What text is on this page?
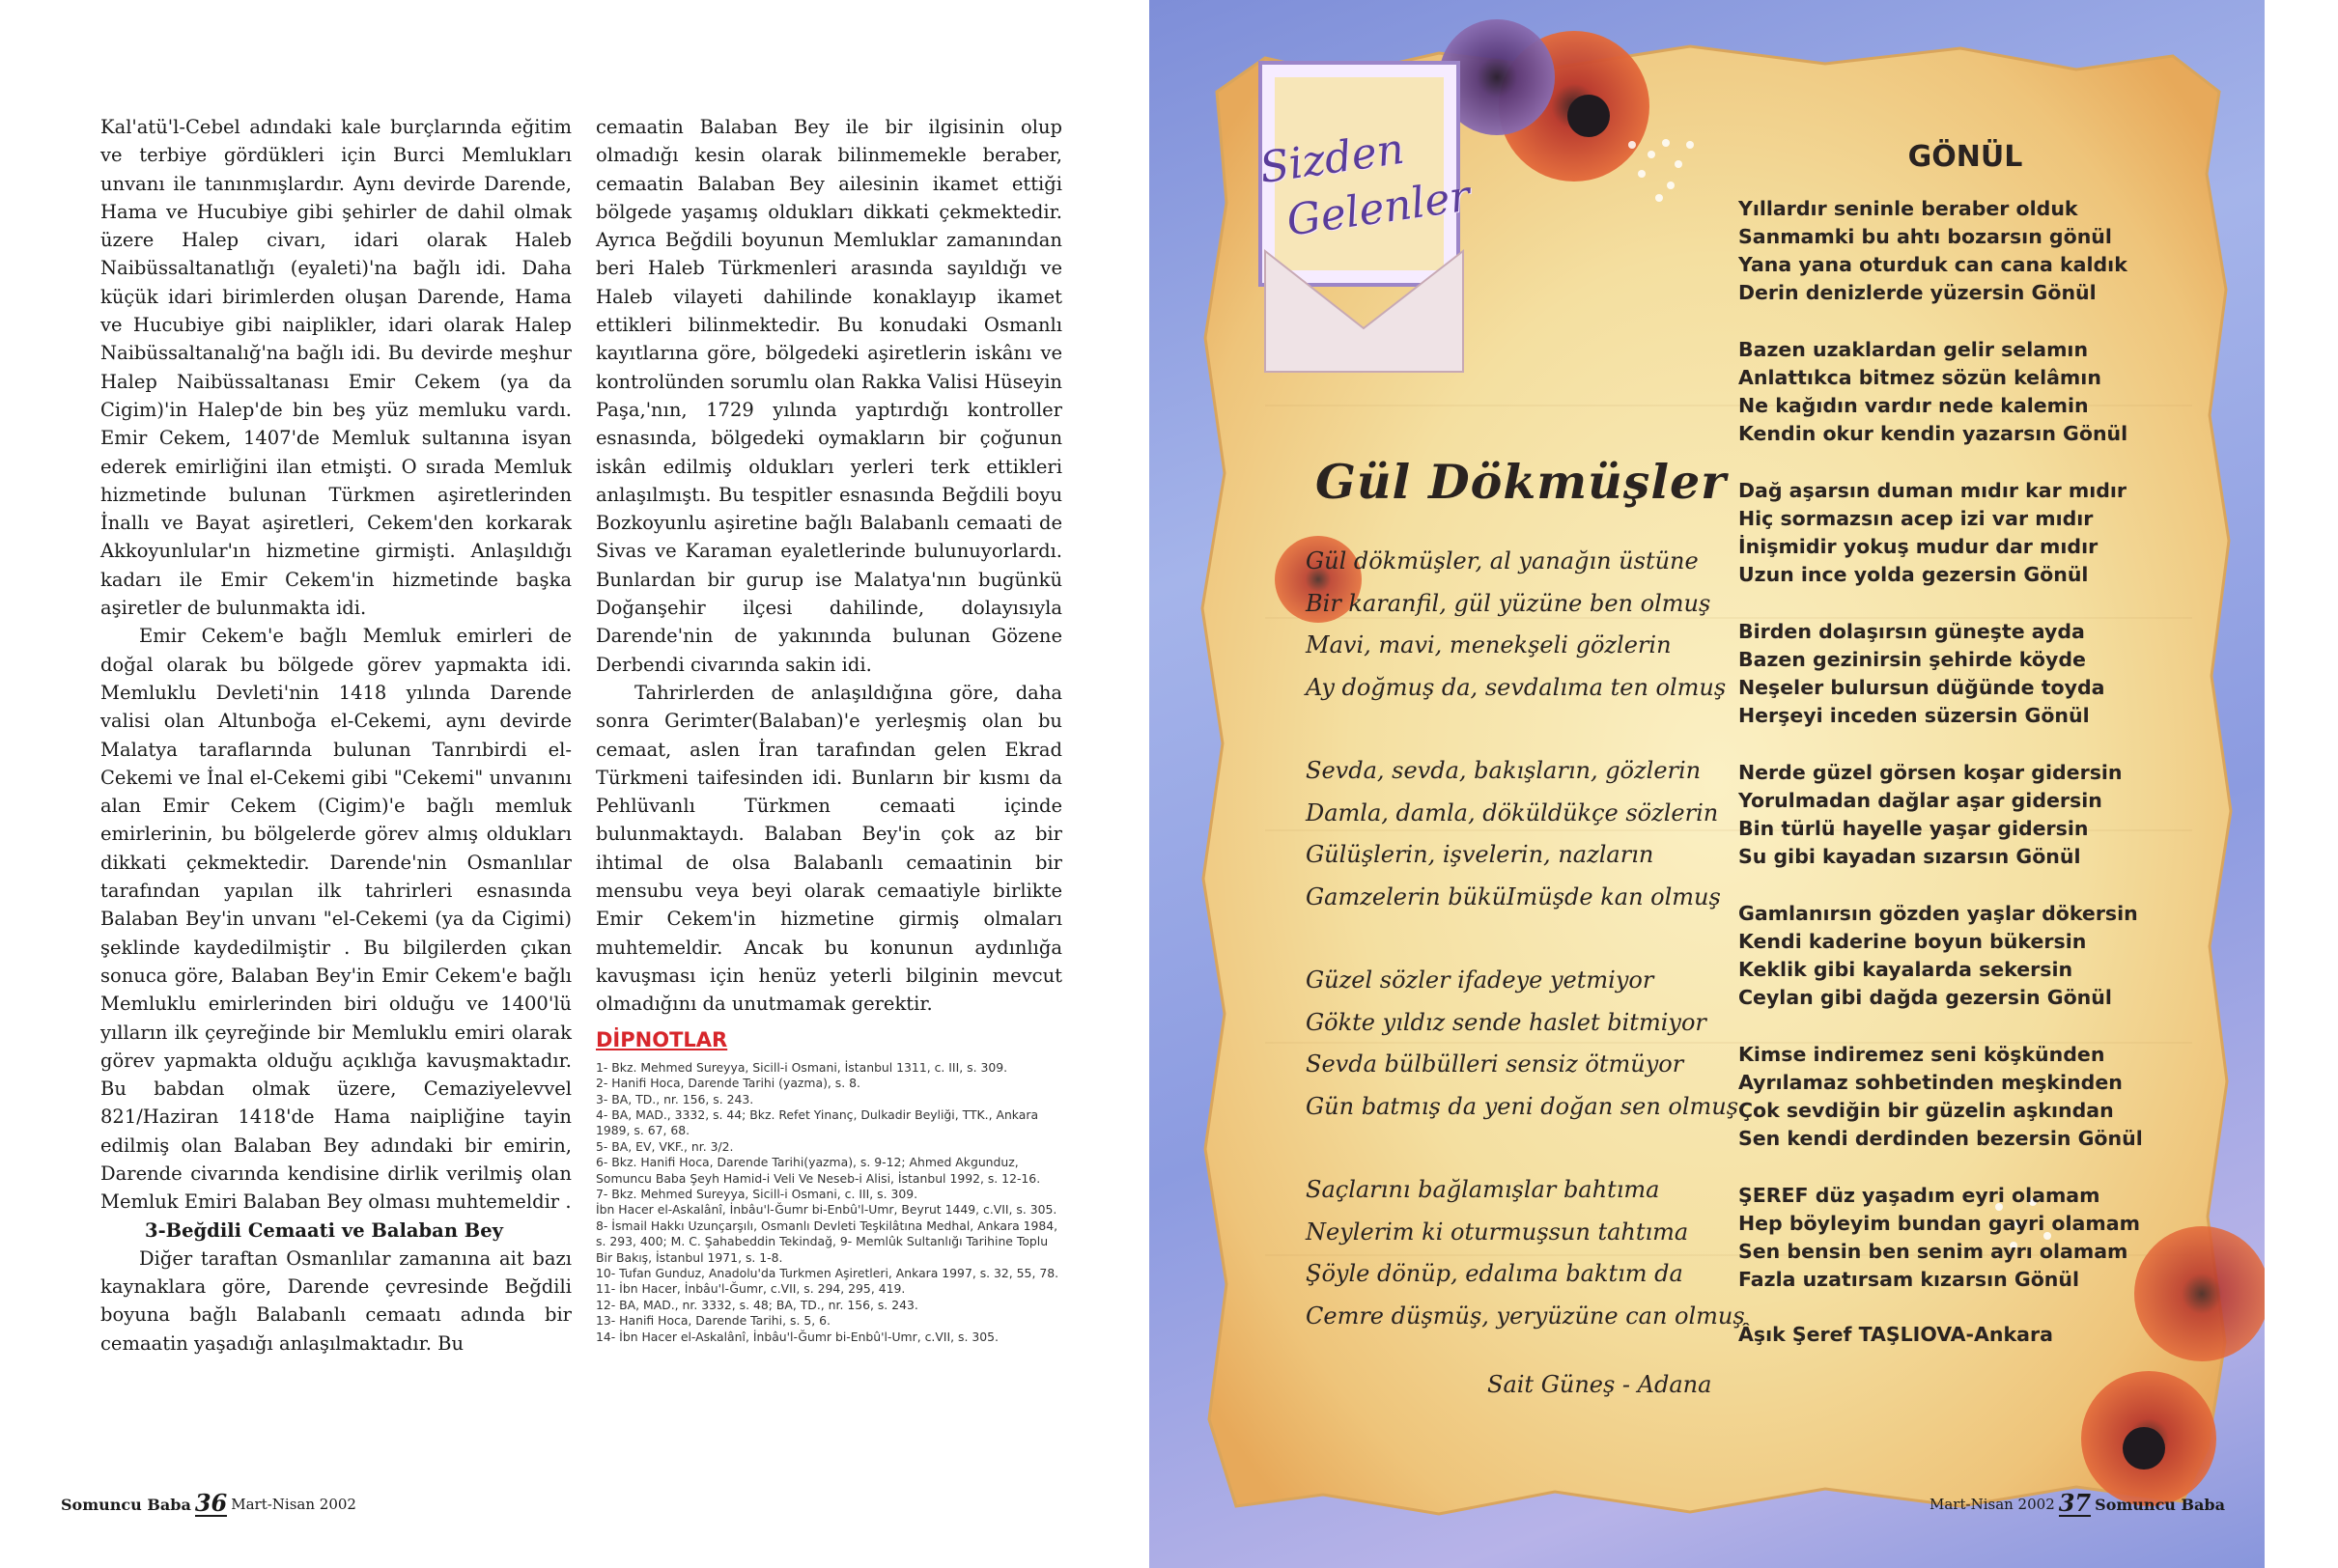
Kal'atü'l-Cebel adındaki kale burçlarında eğitim ve terbiye gördükleri için Burci Memlukları unvanı ile tanınmışlardır. Aynı devirde Darende, Hama ve Hucubiye gibi şehirler de dahil olmak üzere Halep civarı, idari olarak Haleb Naibüssaltanatlığı (eyaleti)'na bağlı idi. Daha küçük idari birimlerden oluşan Darende, Hama ve Hucubiye gibi naiplikler, idari olarak Halep Naibüssaltanalığ'na bağlı idi. Bu devirde meşhur Halep Naibüssaltanası Emir Cekem (ya da Cigim)'in Halep'de bin beş yüz memluku vardı. Emir Cekem, 1407'de Memluk sultanına isyan ederek emirliğini ilan etmişti. O sırada Memluk hizmetinde bulunan Türkmen aşiretlerinden İnallı ve Bayat aşiretleri, Cekem'den korkarak Akkoyunlular'ın hizmetine girmişti. Anlaşıldığı kadarı ile Emir Cekem'in hizmetinde başka aşiretler de bulunmakta idi.

Emir Cekem'e bağlı Memluk emirleri de doğal olarak bu bölgede görev yapmakta idi. Memluklu Devleti'nin 1418 yılında Darende valisi olan Altunboğa el-Cekemi, aynı devirde Malatya taraflarında bulunan Tanrıbirdi el-Cekemi ve İnal el-Cekemi gibi "Cekemi" unvanını alan Emir Cekem (Cigim)'e bağlı memluk emirlerinin, bu bölgelerde görev almış oldukları dikkati çekmektedir. Darende'nin Osmanlılar tarafından yapılan ilk tahrirleri esnasında Balaban Bey'in unvanı "el-Cekemi (ya da Cigimi) şeklinde kaydedilmiştir . Bu bilgilerden çıkan sonuca göre, Balaban Bey'in Emir Cekem'e bağlı Memluklu emirlerinden biri olduğu ve 1400'lü yılların ilk çeyreğinde bir Memluklu emiri olarak görev yapmakta olduğu açıklığa kavuşmaktadır. Bu babdan olmak üzere, Cemaziyelevvel 821/Haziran 1418'de Hama naipliğine tayin edilmiş olan Balaban Bey adındaki bir emirin, Darende civarında kendisine dirlik verilmiş olan Memluk Emiri Balaban Bey olması muhtemeldir .

3-Beğdili Cemaati ve Balaban Bey

Diğer taraftan Osmanlılar zamanına ait bazı kaynaklara göre, Darende çevresinde Beğdili boyuna bağlı Balabanlı cemaatı adında bir cemaatin yaşadığı anlaşılmaktadır. Bu

cemaatin Balaban Bey ile bir ilgisinin olup olmadığı kesin olarak bilinmemekle beraber, cemaatin Balaban Bey ailesinin ikamet ettiği bölgede yaşamış oldukları dikkati çekmektedir. Ayrıca Beğdili boyunun Memluklar zamanından beri Haleb Türkmenleri arasında sayıldığı ve Haleb vilayeti dahilinde konaklayıp ikamet ettikleri bilinmektedir. Bu konudaki Osmanlı kayıtlarına göre, bölgedeki aşiretlerin iskânı ve kontrolünden sorumlu olan Rakka Valisi Hüseyin Paşa,'nın, 1729 yılında yaptırdığı kontroller esnasında, bölgedeki oymakların bir çoğunun iskân edilmiş oldukları yerleri terk ettikleri anlaşılmıştı. Bu tespitler esnasında Beğdili boyu Bozkoyunlu aşiretine bağlı Balabanlı cemaati de Sivas ve Karaman eyaletlerinde bulunuyorlardı. Bunlardan bir gurup ise Malatya'nın bugünkü Doğanşehir ilçesi dahilinde, dolayısıyla Darende'nin de yakınında bulunan Gözene Derbendi civarında sakin idi.

Tahrirlerden de anlaşıldığına göre, daha sonra Gerimter(Balaban)'e yerleşmiş olan bu cemaat, aslen İran tarafından gelen Ekrad Türkmeni taifesinden idi. Bunların bir kısmı da Pehlüvanlı Türkmen cemaati içinde bulunmaktaydı. Balaban Bey'in çok az bir ihtimal de olsa Balabanlı cemaatinin bir mensubu veya beyi olarak cemaatiyle birlikte Emir Cekem'in hizmetine girmiş olmaları muhtemeldir. Ancak bu konunun aydınlığa kavuşması için henüz yeterli bilginin mevcut olmadığını da unutmamak gerektir.

DİPNOTLAR

1- Bkz. Mehmed Sureyya, Sicill-i Osmani, İstanbul 1311, c. III, s. 309.
2- Hanifi Hoca, Darende Tarihi (yazma), s. 8.
3- BA, TD., nr. 156, s. 243.
4- BA, MAD., 3332, s. 44; Bkz. Refet Yinanç, Dulkadir Beyliği, TTK., Ankara 1989, s. 67, 68.
5- BA, EV, VKF., nr. 3/2.
6- Bkz. Hanifi Hoca, Darende Tarihi(yazma), s. 9-12; Ahmed Akgunduz, Somuncu Baba Şeyh Hamid-i Veli Ve Neseb-i Alisi, İstanbul 1992, s. 12-16.
7- Bkz. Mehmed Sureyya, Sicill-i Osmani, c. III, s. 309.
İbn Hacer el-Askalânî, İnbâu'l-Ğumr bi-Enbû'l-Umr, Beyrut 1449, c.VII, s. 305.
8- İsmail Hakkı Uzunçarşılı, Osmanlı Devleti Teşkilâtına Medhal, Ankara 1984, s. 293, 400; M. C. Şahabeddin Tekindağ, 9- Memlûk Sultanlığı Tarihine Toplu Bir Bakış, İstanbul 1971, s. 1-8.
10- Tufan Gunduz, Anadolu'da Turkmen Aşiretleri, Ankara 1997, s. 32, 55, 78.
11- İbn Hacer, İnbâu'l-Ğumr, c.VII, s. 294, 295, 419.
12- BA, MAD., nr. 3332, s. 48; BA, TD., nr. 156, s. 243.
13- Hanifi Hoca, Darende Tarihi, s. 5, 6.
14- İbn Hacer el-Askalânî, İnbâu'l-Ğumr bi-Enbû'l-Umr, c.VII, s. 305.
Somuncu Baba 36 Mart-Nisan 2002
Sizden
Gelenler
Gül Dökmüşler
Gül dökmüşler, al yanağın üstüne
Bir karanfil, gül yüzüne ben olmuş
Mavi, mavi, menekşeli gözlerin
Ay doğmuş da, sevdalıma ten olmuş
Sevda, sevda, bakışların, gözlerin
Damla, damla, döküldükçe sözlerin
Gülüşlerin, işvelerin, nazların
Gamzelerin büküImüşde kan olmuş
Güzel sözler ifadeye yetmiyor
Gökte yıldız sende haslet bitmiyor
Sevda bülbülleri sensiz ötmüyor
Gün batmış da yeni doğan sen olmuş
Saçlarını bağlamışlar bahtıma
Neylerim ki oturmuşsun tahtıma
Şöyle dönüp, edalıma baktım da
Cemre düşmüş, yeryüzüne can olmuş
Sait Güneş - Adana
GÖNÜL
Yıllardır seninle beraber olduk
Sanmamki bu ahtı bozarsın gönül
Yana yana oturduk can cana kaldık
Derin denizlerde yüzersin Gönül
Bazen uzaklardan gelir selamın
Anlattıkca bitmez sözün kelâmın
Ne kağıdın vardır nede kalemin
Kendin okur kendin yazarsın Gönül
Dağ aşarsın duman mıdır kar mıdır
Hiç sormazsın acep izi var mıdır
İnişmidir yokuş mudur dar mıdır
Uzun ince yolda gezersin Gönül
Birden dolaşırsın güneşte ayda
Bazen gezinirsin şehirde köyde
Neşeler bulursun düğünde toyda
Herşeyi inceden süzersin Gönül
Nerde güzel görsen koşar gidersin
Yorulmadan dağlar aşar gidersin
Bin türlü hayelle yaşar gidersin
Su gibi kayadan sızarsın Gönül
Gamlanırsın gözden yaşlar dökersin
Kendi kaderine boyun bükersin
Keklik gibi kayalarda sekersin
Ceylan gibi dağda gezersin Gönül
Kimse indiremez seni köşkünden
Ayrılamaz sohbetinden meşkinden
Çok sevdiğin bir güzelin aşkından
Sen kendi derdinden bezersin Gönül
ŞEREF düz yaşadım eyri olamam
Hep böyleyim bundan gayri olamam
Sen bensin ben senim ayrı olamam
Fazla uzatırsam kızarsın Gönül
Âşık Şeref TAŞLIOVA-Ankara
Mart-Nisan 2002 37 Somuncu Baba
